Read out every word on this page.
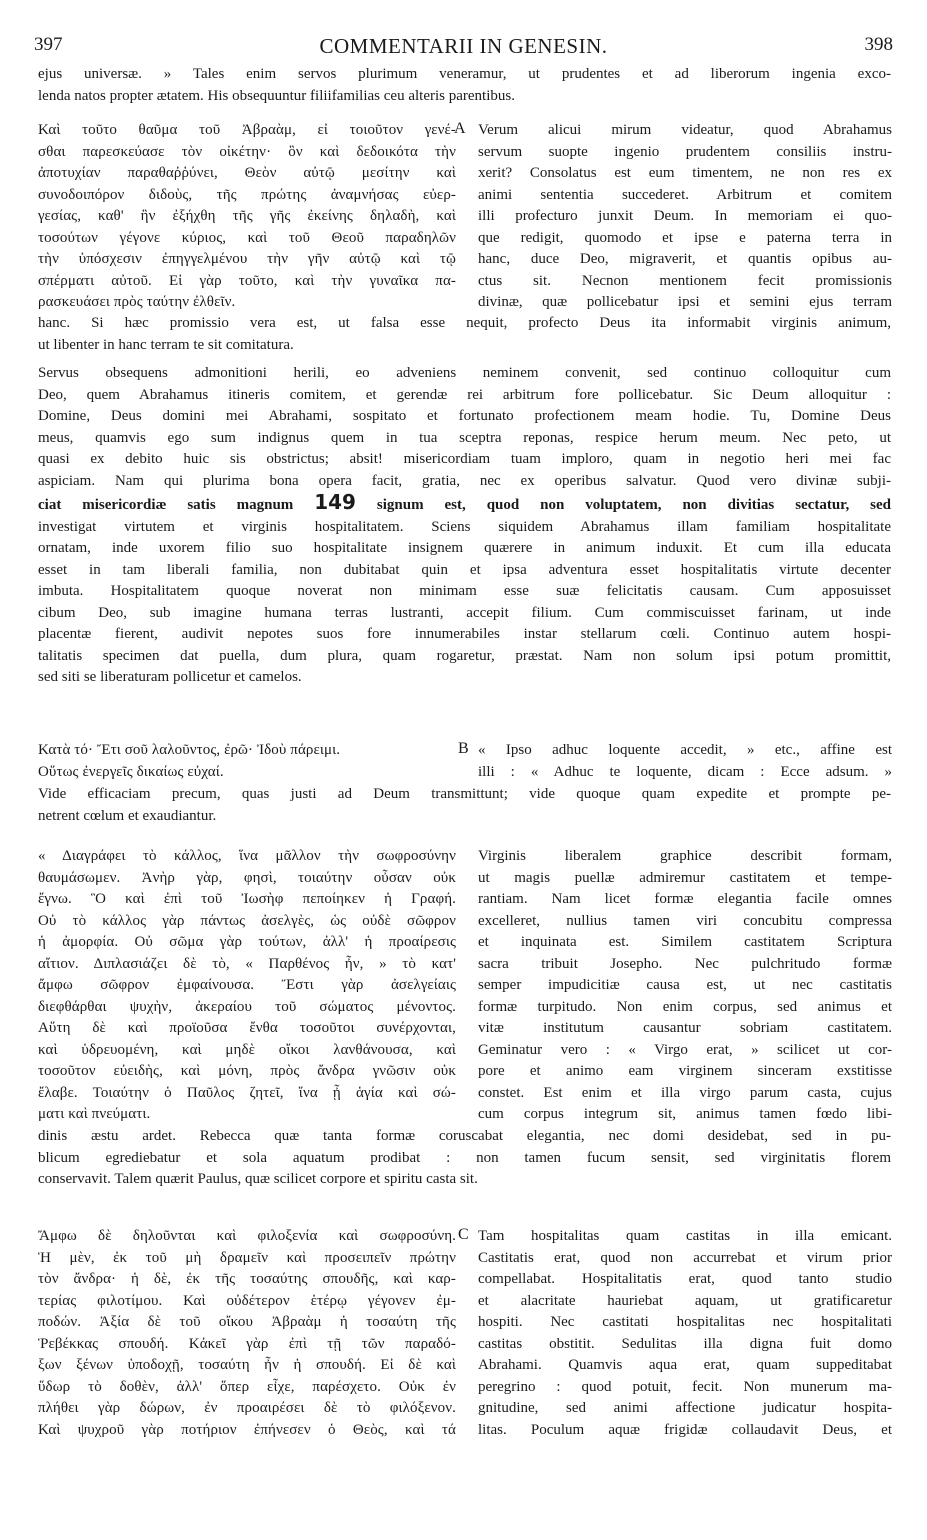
397	COMMENTARII IN GENESIN.	398
ejus universæ. » Tales enim servos plurimum veneramur, ut prudentes et ad liberorum ingenia exco-
lenda natos propter ætatem. His obsequuntur filiifamilias ceu alteris parentibus.
Καὶ τοῦτο θαῦμα τοῦ Ἀβραὰμ, εἰ τοιοῦτον γενέ-
σθαι παρεσκεύασε τὸν οἰκέτην· ὃν καὶ δεδοικότα τὴν
ἀποτυχίαν παραθαῤῥύνει, Θεὸν αὐτῷ μεσίτην καὶ
συνοδοιπόρον διδοὺς, τῆς πρώτης ἀναμνήσας εὐερ-
γεσίας, καθ' ἣν ἐξήχθη τῆς γῆς ἐκείνης δηλαδὴ, καὶ
τοσούτων γέγονε κύριος, καὶ τοῦ Θεοῦ παραδηλῶν
τὴν ὑπόσχεσιν ἐπηγγελμένου τὴν γῆν αὐτῷ καὶ τῷ
σπέρματι αὐτοῦ. Εἰ γὰρ τοῦτο, καὶ τὴν γυναῖκα πα-
ρασκευάσει πρὸς ταύτην ἐλθεῖν.
A Verum alicui mirum videatur, quod Abrahamus
servum suopte ingenio prudentem consiliis instru-
xerit? Consolatus est eum timentem, ne non res ex
animi sententia succederet. Arbitrum et comitem
illi profecturo junxit Deum. In memoriam ei quo-
que redigit, quomodo et ipse e paterna terra in
hanc, duce Deo, migraverit, et quantis opibus au-
ctus sit. Necnon mentionem fecit promissionis
divinæ, quæ pollicebatur ipsi et semini ejus terram
hanc. Si hæc promissio vera est, ut falsa esse nequit, profecto Deus ita informabit virginis animum,
ut libenter in hanc terram te sit comitatura.
Servus obsequens admonitioni herili, eo adveniens neminem convenit, sed continuo colloquitur cum
Deo, quem Abrahamus itineris comitem, et gerendæ rei arbitrum fore pollicebatur. Sic Deum alloquitur :
Domine, Deus domini mei Abrahami, sospitato et fortunato profectionem meam hodie. Tu, Domine Deus
meus, quamvis ego sum indignus quem in tua sceptra reponas, respice herum meum. Nec peto, ut
quasi ex debito huic sis obstrictus; absit! misericordiam tuam imploro, quam in negotio heri mei fac
aspiciam. Nam qui plurima bona opera facit, gratia, nec ex operibus salvatur. Quod vero divinæ subji-
ciat misericordiæ satis magnum 149 signum est, quod non voluptatem, non divitias sectatur, sed
investigat virtutem et virginis hospitalitatem. Sciens siquidem Abrahamus illam familiam hospitalitate
ornatam, inde uxorem filio suo hospitalitate insignem quærere in animum induxit. Et cum illa educata
esset in tam liberali familia, non dubitabat quin et ipsa adventura esset hospitalitatis virtute decenter
imbuta. Hospitalitatem quoque noverat non minimam esse suæ felicitatis causam. Cum apposuisset
cibum Deo, sub imagine humana terras lustranti, accepit filium. Cum commiscuisset farinam, ut inde
placentæ fierent, audivit nepotes suos fore innumerabiles instar stellarum cœli. Continuo autem hospi-
talitatis specimen dat puella, dum plura, quam rogaretur, præstat. Nam non solum ipsi potum promittit,
sed siti se liberaturam pollicetur et camelos.
Κατὰ τό· Ἔτι σοῦ λαλοῦντος, ἐρῶ· Ἰδοὺ πάρειμι.
Οὕτως ἐνεργεῖς δικαίως εὐχαί.
B « Ipso adhuc loquente accedit, » etc., affine est
illi : « Adhuc te loquente, dicam : Ecce adsum. »
Vide efficaciam precum, quas justi ad Deum transmittunt; vide quoque quam expedite et prompte pe-
netrent cœlum et exaudiantur.
« Διαγράφει τὸ κάλλος, ἵνα μᾶλλον τὴν σωφροσύνην
θαυμάσωμεν. Ἀνὴρ γὰρ, φησὶ, τοιαύτην οὖσαν οὐκ
ἔγνω. Ὃ καὶ ἐπὶ τοῦ Ἰωσὴφ πεποίηκεν ἡ Γραφή.
Οὐ τὸ κάλλος γὰρ πάντως ἀσελγὲς, ὡς οὐδὲ σῶφρον
ἡ ἀμορφία. Οὐ σῶμα γὰρ τούτων, ἀλλ' ἡ προαίρεσις
αἴτιον. Διπλασιάζει δὲ τὸ, « Παρθένος ἦν, » τὸ κατ'
ἄμφω σῶφρον ἐμφαίνουσα. Ἔστι γὰρ ἀσελγείαις
διεφθάρθαι ψυχὴν, ἀκεραίου τοῦ σώματος μένοντος.
Αὕτη δὲ καὶ προϊοῦσα ἔνθα τοσοῦτοι συνέρχονται,
καὶ ὑδρευομένη, καὶ μηδὲ οἴκοι λανθάνουσα, καὶ
τοσοῦτον εὐειδὴς, καὶ μόνη, πρὸς ἄνδρα γνῶσιν οὐκ
ἔλαβε. Τοιαύτην ὁ Παῦλος ζητεῖ, ἵνα ᾖ ἁγία καὶ σώ-
ματι καὶ πνεύματι.
Virginis liberalem graphice describit formam,
ut magis puellæ admiremur castitatem et tempe-
rantiam. Nam licet formæ elegantia facile omnes
excelleret, nullius tamen viri concubitu compressa
et inquinata est. Similem castitatem Scriptura
sacra tribuit Josepho. Nec pulchritudo formæ
semper impudicitiæ causa est, ut nec castitatis
formæ turpitudo. Non enim corpus, sed animus et
vitæ institutum causantur sobriam castitatem.
Geminatur vero : « Virgo erat, » scilicet ut cor-
pore et animo eam virginem sinceram exstitisse
constet. Est enim et illa virgo parum casta, cujus
cum corpus integrum sit, animus tamen fœdo libi-
dinis æstu ardet. Rebecca quæ tanta formæ coruscabat elegantia, nec domi desidebat, sed in pu-
blicum egrediebatur et sola aquatum prodibat : non tamen fucum sensit, sed virginitatis florem
conservavit. Talem quærit Paulus, quæ scilicet corpore et spiritu casta sit.
Ἄμφω δὲ δηλοῦνται καὶ φιλοξενία καὶ σωφροσύνη.
Ἡ μὲν, ἐκ τοῦ μὴ δραμεῖν καὶ προσειπεῖν πρώτην
τὸν ἄνδρα· ἡ δὲ, ἐκ τῆς τοσαύτης σπουδῆς, καὶ καρ-
τερίας φιλοτίμου. Καὶ οὐδέτερον ἑτέρῳ γέγονεν ἐμ-
ποδών. Ἀξία δὲ τοῦ οἴκου Ἀβραὰμ ἡ τοσαύτη τῆς
Ῥεβέκκας σπουδή. Κἀκεῖ γὰρ ἐπὶ τῇ τῶν παραδό-
ξων ξένων ὑποδοχῇ, τοσαύτη ἦν ἡ σπουδή. Εἰ δὲ καὶ
ὕδωρ τὸ δοθὲν, ἀλλ' ὅπερ εἶχε, παρέσχετο. Οὐκ ἐν
πλήθει γὰρ δώρων, ἐν προαιρέσει δὲ τὸ φιλόξενον.
Καὶ ψυχροῦ γὰρ ποτήριον ἐπήνεσεν ὁ Θεὸς, καὶ τά
C Tam hospitalitas quam castitas in illa emicant.
Castitatis erat, quod non accurrebat et virum prior
compellabat. Hospitalitatis erat, quod tanto studio
et alacritate hauriebat aquam, ut gratificaretur
hospiti. Nec castitati hospitalitas nec hospitalitati
castitas obstitit. Sedulitas illa digna fuit domo
Abrahami. Quamvis aqua erat, quam suppeditabat
peregrino : quod potuit, fecit. Non munerum ma-
gnitudine, sed animi affectione judicatur hospita-
litas. Poculum aquæ frigidæ collaudavit Deus, et
